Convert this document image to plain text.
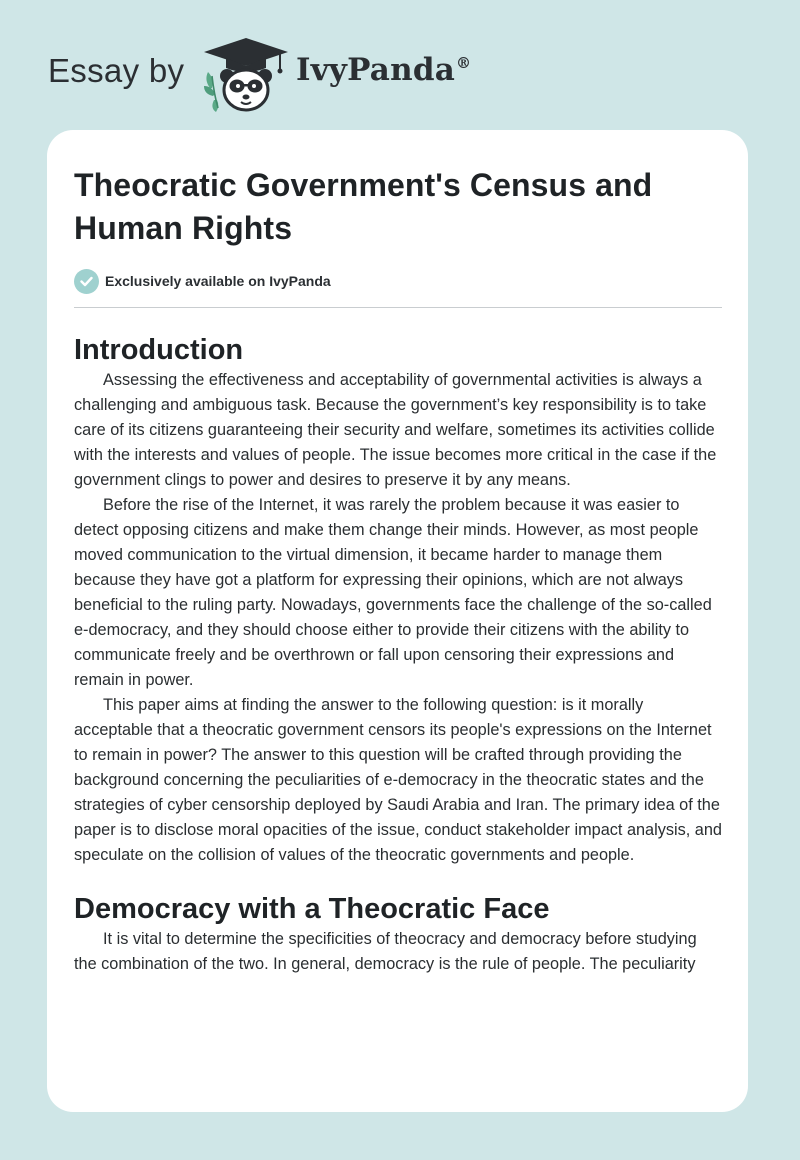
Essay by	IvyPanda®
Theocratic Government's Census and Human Rights
Exclusively available on IvyPanda
Introduction

Assessing the effectiveness and acceptability of governmental activities is always a challenging and ambiguous task. Because the government’s key responsibility is to take care of its citizens guaranteeing their security and welfare, sometimes its activities collide with the interests and values of people. The issue becomes more critical in the case if the government clings to power and desires to preserve it by any means.

Before the rise of the Internet, it was rarely the problem because it was easier to detect opposing citizens and make them change their minds. However, as most people moved communication to the virtual dimension, it became harder to manage them because they have got a platform for expressing their opinions, which are not always beneficial to the ruling party. Nowadays, governments face the challenge of the so-called e-democracy, and they should choose either to provide their citizens with the ability to communicate freely and be overthrown or fall upon censoring their expressions and remain in power.

This paper aims at finding the answer to the following question: is it morally acceptable that a theocratic government censors its people's expressions on the Internet to remain in power? The answer to this question will be crafted through providing the background concerning the peculiarities of e-democracy in the theocratic states and the strategies of cyber censorship deployed by Saudi Arabia and Iran. The primary idea of the paper is to disclose moral opacities of the issue, conduct stakeholder impact analysis, and speculate on the collision of values of the theocratic governments and people.

Democracy with a Theocratic Face

It is vital to determine the specificities of theocracy and democracy before studying the combination of the two. In general, democracy is the rule of people. The peculiarity
